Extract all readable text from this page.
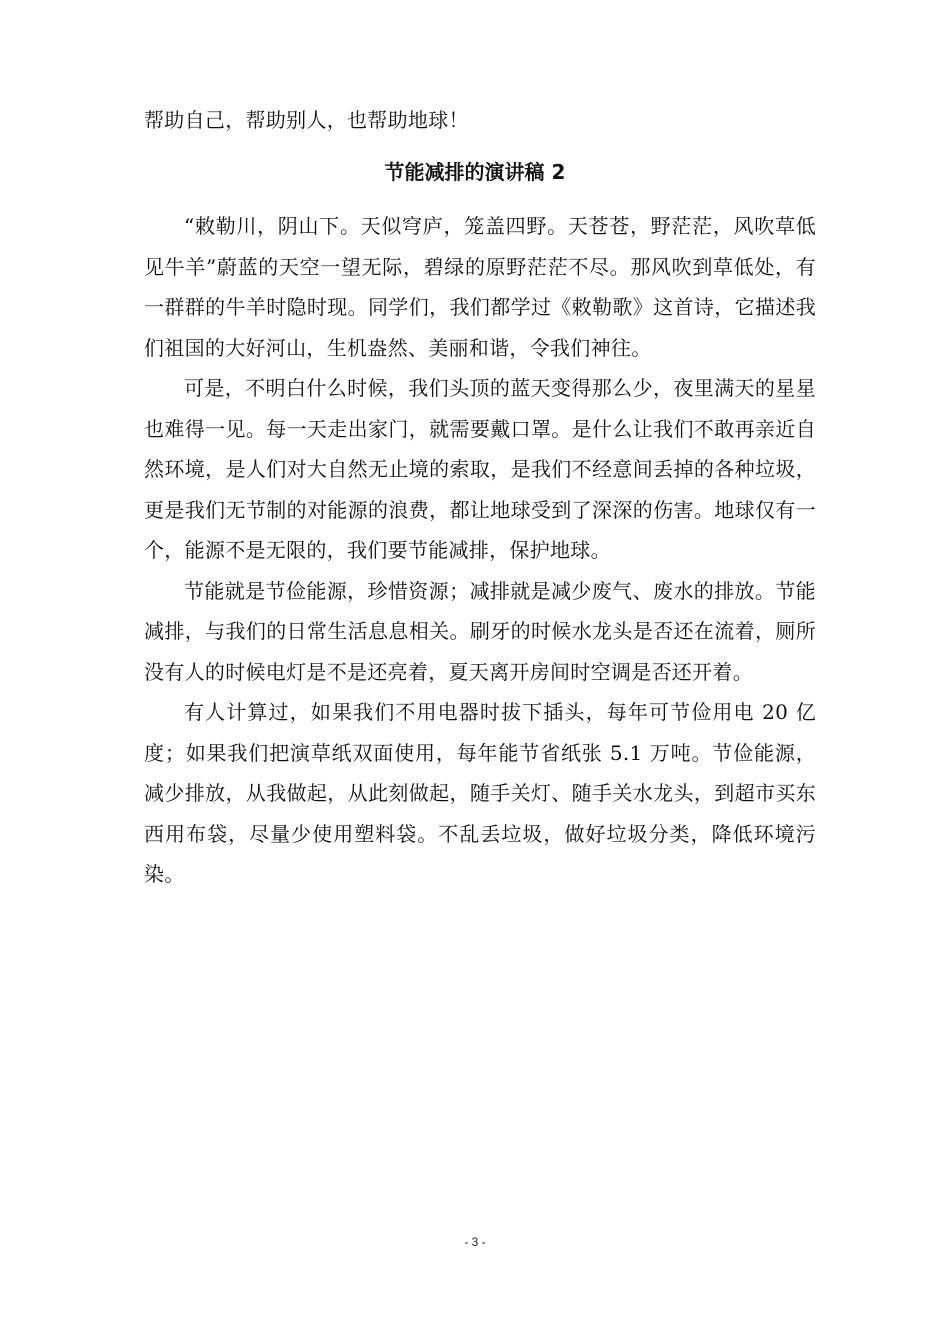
帮助自己，帮助别人，也帮助地球！
节能减排的演讲稿 2

“敕勒川，阴山下。天似穹庐，笼盖四野。天苍苍，野茫茫，风吹草低见牛羊”蔚蓝的天空一望无际，碧绿的原野茫茫不尽。那风吹到草低处，有一群群的牛羊时隐时现。同学们，我们都学过《敕勒歌》这首诗，它描述我们祖国的大好河山，生机盎然、美丽和谐，令我们神往。

可是，不明白什么时候，我们头顶的蓝天变得那么少，夜里满天的星星也难得一见。每一天走出家门，就需要戴口罩。是什么让我们不敢再亲近自然环境，是人们对大自然无止境的索取，是我们不经意间丢掉的各种垃圾，更是我们无节制的对能源的浪费，都让地球受到了深深的伤害。地球仅有一个，能源不是无限的，我们要节能减排，保护地球。

节能就是节俭能源，珍惜资源；减排就是减少废气、废水的排放。节能减排，与我们的日常生活息息相关。刷牙的时候水龙头是否还在流着，厕所没有人的时候电灯是不是还亮着，夏天离开房间时空调是否还开着。

有人计算过，如果我们不用电器时拔下插头，每年可节俭用电 20 亿度；如果我们把演草纸双面使用，每年能节省纸张 5.1 万吨。节俭能源，减少排放，从我做起，从此刻做起，随手关灯、随手关水龙头，到超市买东西用布袋，尽量少使用塑料袋。不乱丢垃圾，做好垃圾分类，降低环境污染。

- 3 -
